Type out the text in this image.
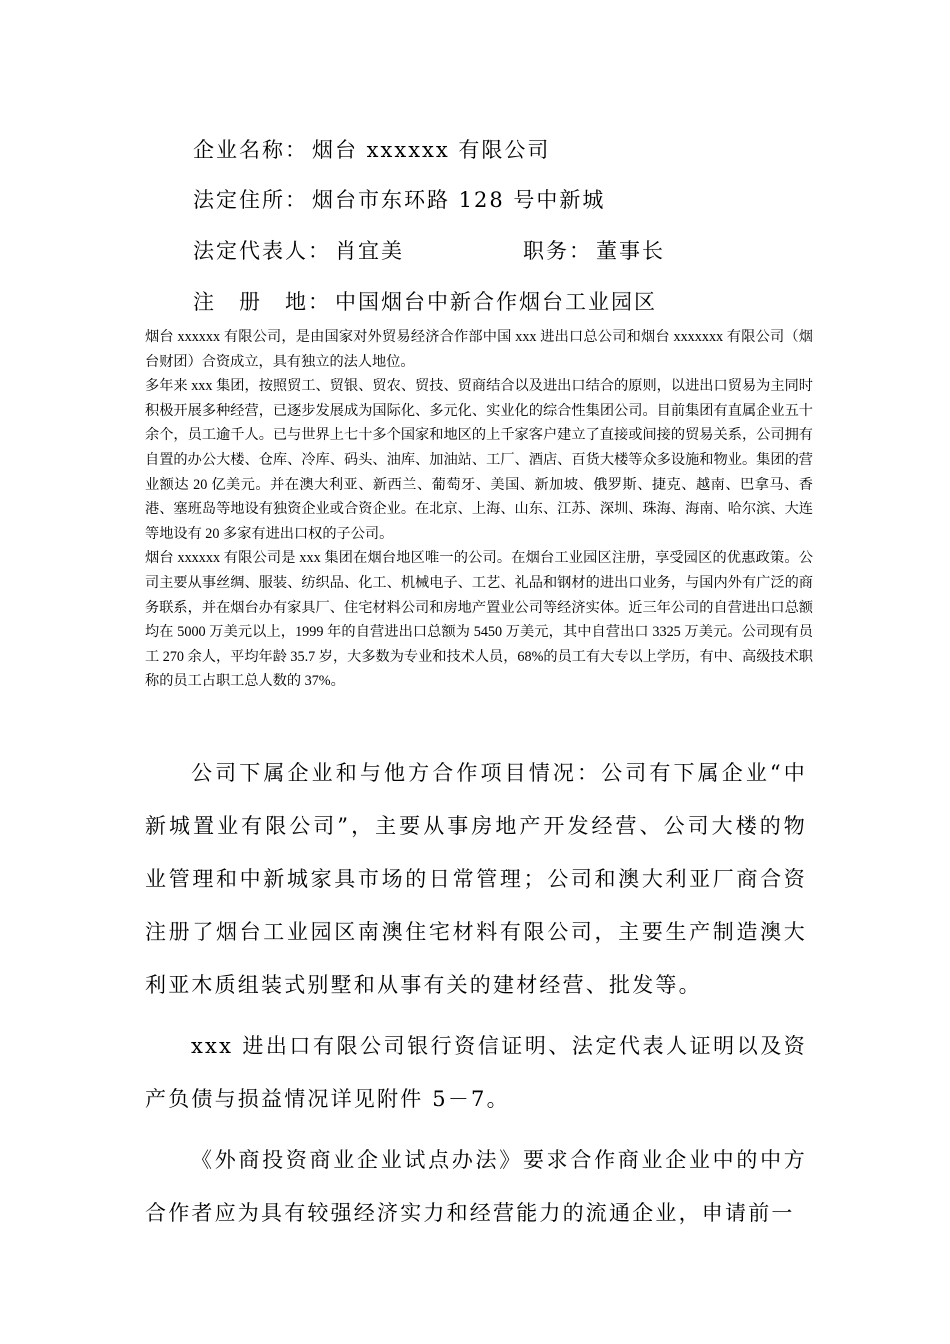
企业名称： 烟台 xxxxxx 有限公司
法定住所： 烟台市东环路 128 号中新城
法定代表人： 肖宜美	职务： 董事长
注　册　地： 中国烟台中新合作烟台工业园区

烟台 xxxxxx 有限公司，是由国家对外贸易经济合作部中国 xxx 进出口总公司和烟台 xxxxxxx 有限公司（烟台财团）合资成立，具有独立的法人地位。

多年来 xxx 集团，按照贸工、贸银、贸农、贸技、贸商结合以及进出口结合的原则，以进出口贸易为主同时积极开展多种经营，已逐步发展成为国际化、多元化、实业化的综合性集团公司。目前集团有直属企业五十余个，员工逾千人。已与世界上七十多个国家和地区的上千家客户建立了直接或间接的贸易关系，公司拥有自置的办公大楼、仓库、冷库、码头、油库、加油站、工厂、酒店、百货大楼等众多设施和物业。集团的营业额达 20 亿美元。并在澳大利亚、新西兰、葡萄牙、美国、新加坡、俄罗斯、捷克、越南、巴拿马、香港、塞班岛等地设有独资企业或合资企业。在北京、上海、山东、江苏、深圳、珠海、海南、哈尔滨、大连等地设有 20 多家有进出口权的子公司。

烟台 xxxxxx 有限公司是 xxx 集团在烟台地区唯一的公司。在烟台工业园区注册，享受园区的优惠政策。公司主要从事丝绸、服装、纺织品、化工、机械电子、工艺、礼品和钢材的进出口业务，与国内外有广泛的商务联系，并在烟台办有家具厂、住宅材料公司和房地产置业公司等经济实体。近三年公司的自营进出口总额均在 5000 万美元以上，1999 年的自营进出口总额为 5450 万美元，其中自营出口 3325 万美元。公司现有员工 270 余人，平均年龄 35.7 岁，大多数为专业和技术人员，68%的员工有大专以上学历，有中、高级技术职称的员工占职工总人数的 37%。

公司下属企业和与他方合作项目情况：公司有下属企业“中新城置业有限公司”，主要从事房地产开发经营、公司大楼的物业管理和中新城家具市场的日常管理；公司和澳大利亚厂商合资注册了烟台工业园区南澳住宅材料有限公司，主要生产制造澳大利亚木质组装式别墅和从事有关的建材经营、批发等。

xxx 进出口有限公司银行资信证明、法定代表人证明以及资产负债与损益情况详见附件 5－7。

《外商投资商业企业试点办法》要求合作商业企业中的中方合作者应为具有较强经济实力和经营能力的流通企业，申请前一
